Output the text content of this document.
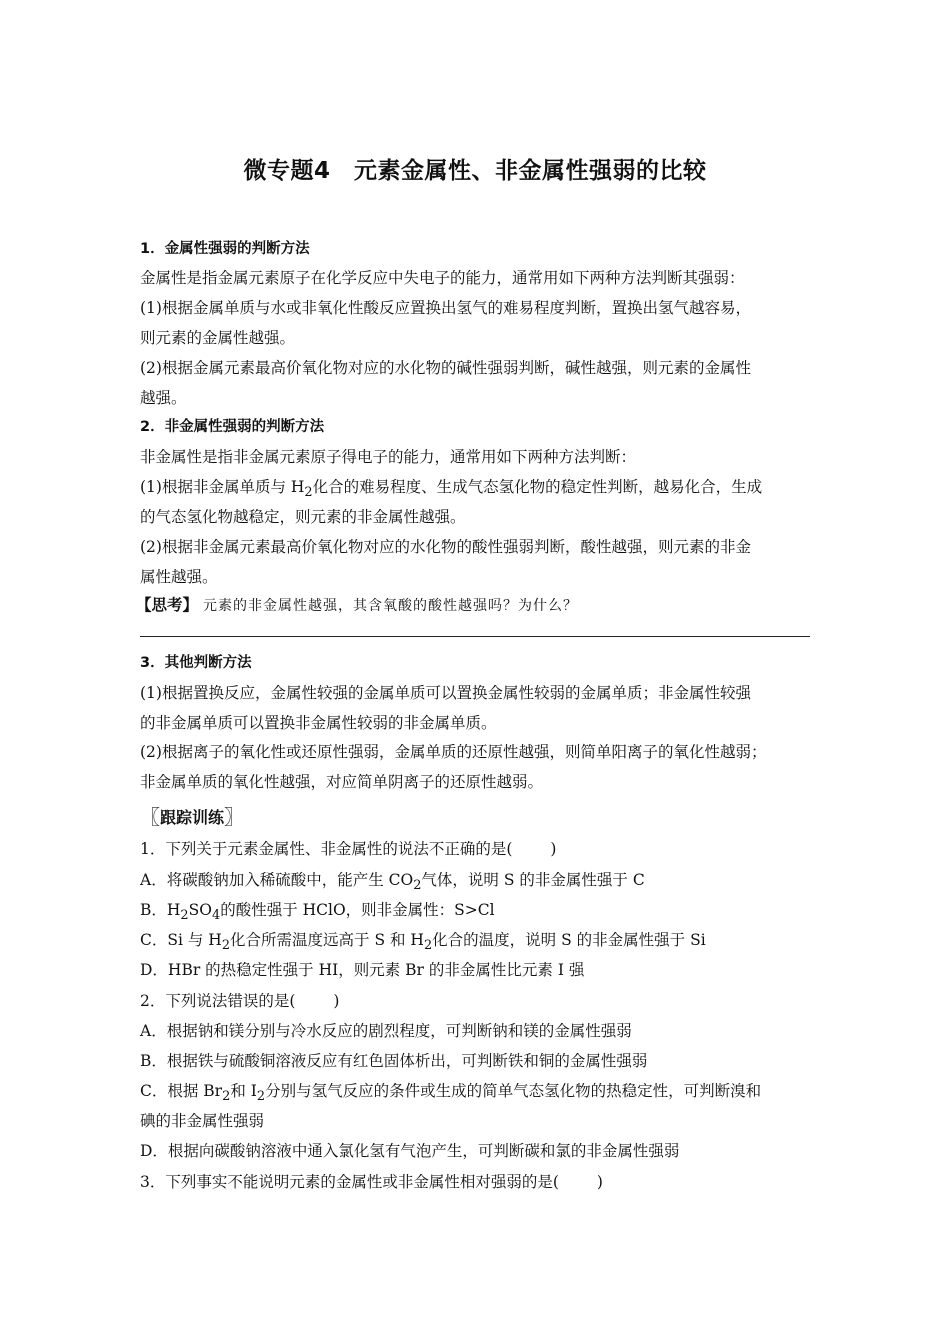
微专题4　元素金属性、非金属性强弱的比较
1．金属性强弱的判断方法
金属性是指金属元素原子在化学反应中失电子的能力，通常用如下两种方法判断其强弱：
(1)根据金属单质与水或非氧化性酸反应置换出氢气的难易程度判断，置换出氢气越容易，
则元素的金属性越强。
(2)根据金属元素最高价氧化物对应的水化物的碱性强弱判断，碱性越强，则元素的金属性
越强。
2．非金属性强弱的判断方法
非金属性是指非金属元素原子得电子的能力，通常用如下两种方法判断：
(1)根据非金属单质与 $H_2$化合的难易程度、生成气态氢化物的稳定性判断，越易化合，生成
的气态氢化物越稳定，则元素的非金属性越强。
(2)根据非金属元素最高价氧化物对应的水化物的酸性强弱判断，酸性越强，则元素的非金
属性越强。
【思考】 元素的非金属性越强，其含氧酸的酸性越强吗？为什么？
3．其他判断方法
(1)根据置换反应，金属性较强的金属单质可以置换金属性较弱的金属单质；非金属性较强
的非金属单质可以置换非金属性较弱的非金属单质。
(2)根据离子的氧化性或还原性强弱，金属单质的还原性越强，则简单阳离子的氧化性越弱；
非金属单质的氧化性越强，对应简单阴离子的还原性越弱。
〖跟踪训练〗
1．下列关于元素金属性、非金属性的说法不正确的是( )
A．将碳酸钠加入稀硫酸中，能产生 $CO_2$气体，说明 S 的非金属性强于 C
B．$H_2SO_4$的酸性强于 HClO，则非金属性：S>Cl
C．Si 与 $H_2$化合所需温度远高于 S 和 $H_2$化合的温度，说明 S 的非金属性强于 Si
D．HBr 的热稳定性强于 HI，则元素 Br 的非金属性比元素 I 强
2．下列说法错误的是( )
A．根据钠和镁分别与冷水反应的剧烈程度，可判断钠和镁的金属性强弱
B．根据铁与硫酸铜溶液反应有红色固体析出，可判断铁和铜的金属性强弱
C．根据 $Br_2$和 $I_2$分别与氢气反应的条件或生成的简单气态氢化物的热稳定性，可判断溴和
碘的非金属性强弱
D．根据向碳酸钠溶液中通入氯化氢有气泡产生，可判断碳和氯的非金属性强弱
3．下列事实不能说明元素的金属性或非金属性相对强弱的是( )
